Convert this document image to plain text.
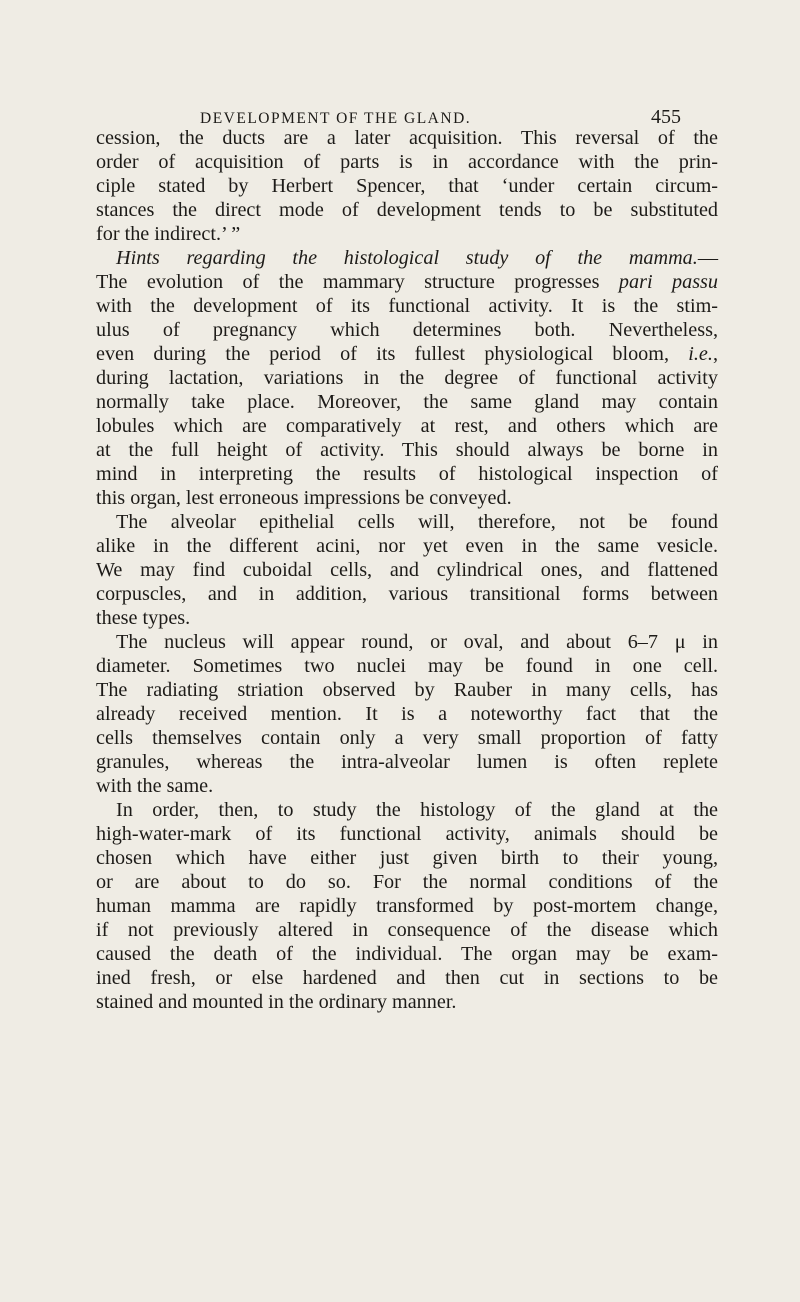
DEVELOPMENT OF THE GLAND.	455
cession, the ducts are a later acquisition. This reversal of the
order of acquisition of parts is in accordance with the prin-
ciple stated by Herbert Spencer, that ‘under certain circum-
stances the direct mode of development tends to be substituted
for the indirect.’ ”
Hints regarding the histological study of the mamma.—
The evolution of the mammary structure progresses pari passu
with the development of its functional activity. It is the stim-
ulus of pregnancy which determines both. Nevertheless,
even during the period of its fullest physiological bloom, i.e.,
during lactation, variations in the degree of functional activity
normally take place. Moreover, the same gland may contain
lobules which are comparatively at rest, and others which are
at the full height of activity. This should always be borne in
mind in interpreting the results of histological inspection of
this organ, lest erroneous impressions be conveyed.
The alveolar epithelial cells will, therefore, not be found
alike in the different acini, nor yet even in the same vesicle.
We may find cuboidal cells, and cylindrical ones, and flattened
corpuscles, and in addition, various transitional forms between
these types.
The nucleus will appear round, or oval, and about 6–7 μ in
diameter. Sometimes two nuclei may be found in one cell.
The radiating striation observed by Rauber in many cells, has
already received mention. It is a noteworthy fact that the
cells themselves contain only a very small proportion of fatty
granules, whereas the intra-alveolar lumen is often replete
with the same.
In order, then, to study the histology of the gland at the
high-water-mark of its functional activity, animals should be
chosen which have either just given birth to their young,
or are about to do so. For the normal conditions of the
human mamma are rapidly transformed by post-mortem change,
if not previously altered in consequence of the disease which
caused the death of the individual. The organ may be exam-
ined fresh, or else hardened and then cut in sections to be
stained and mounted in the ordinary manner.
